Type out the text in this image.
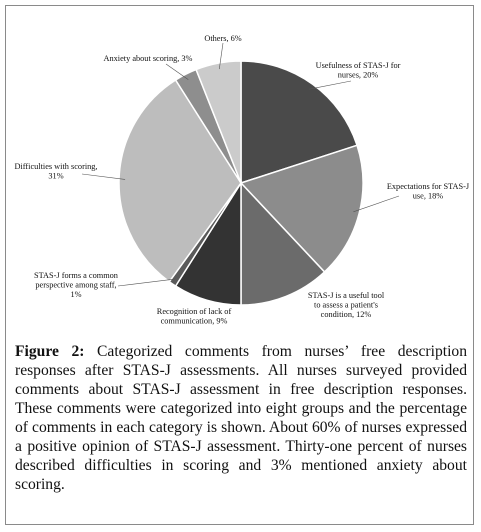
Usefulness of STAS-J for nurses, 20%
Expectations for STAS-J use, 18%
STAS-J is a useful tool to assess a patient's condition, 12%
Recognition of lack of communication, 9%
STAS-J forms a common perspective among staff, 1%
Difficulties with scoring, 31%
Anxiety about scoring, 3%
Others, 6%

Figure 2: Categorized comments from nurses’ free description responses after STAS-J assessments. All nurses surveyed provided comments about STAS-J assessment in free description responses. These comments were categorized into eight groups and the percentage of comments in each category is shown. About 60% of nurses expressed a positive opinion of STAS-J assessment. Thirty-one percent of nurses described difficulties in scoring and 3% mentioned anxiety about scoring.
